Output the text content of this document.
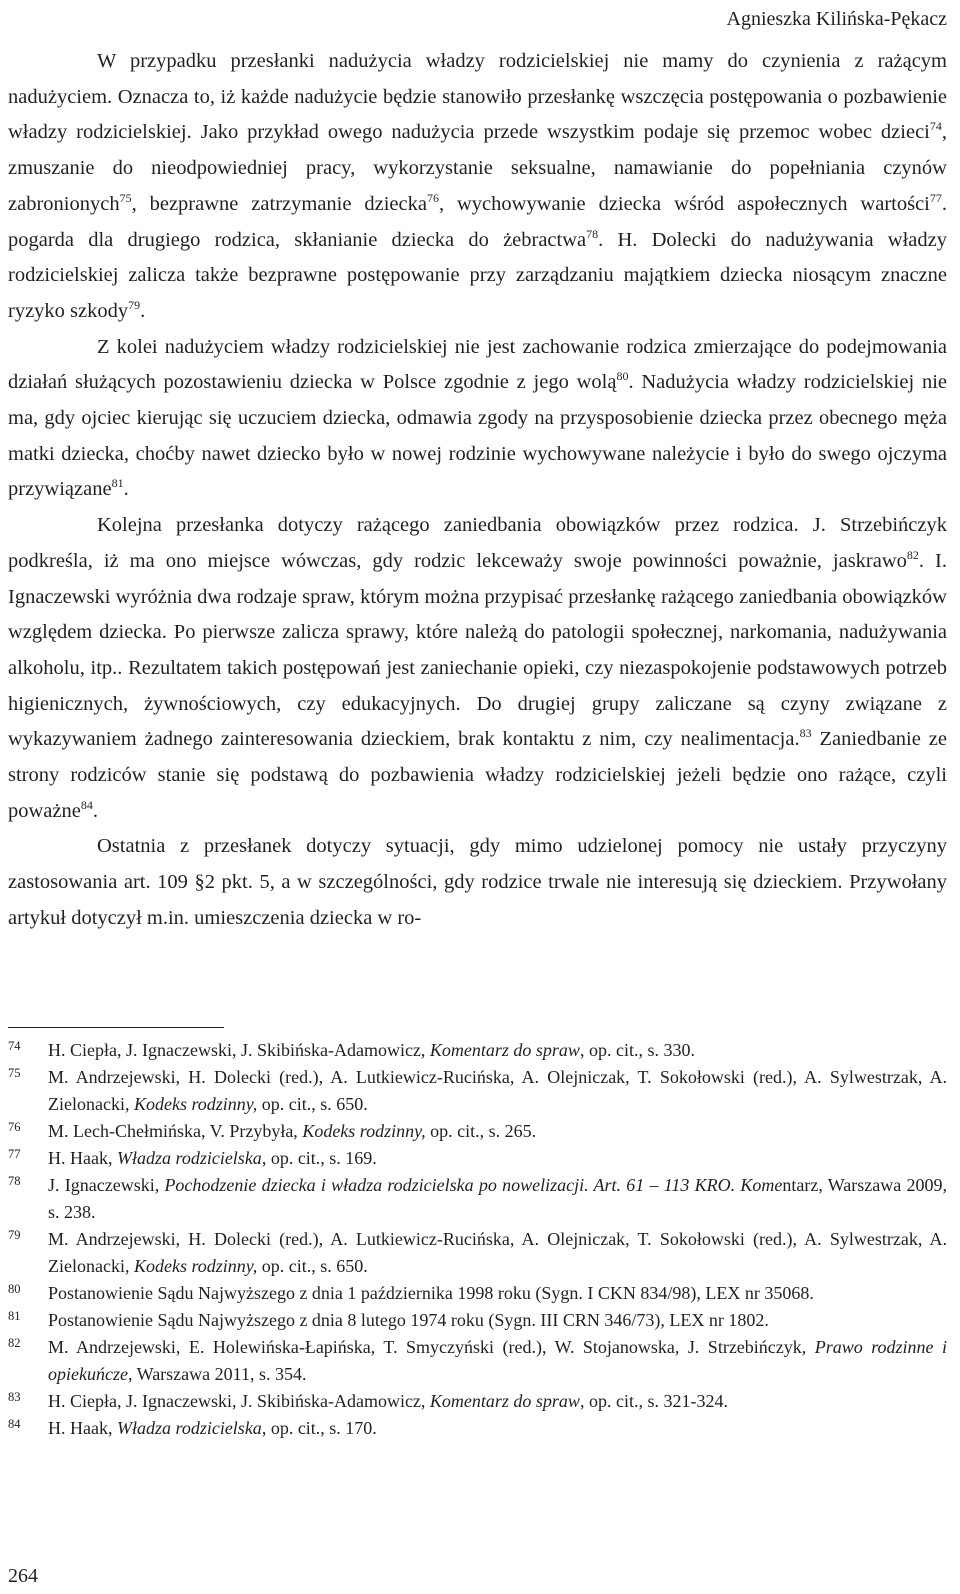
Agnieszka Kilińska-Pękacz

W przypadku przesłanki nadużycia władzy rodzicielskiej nie mamy do czynienia z rażącym nadużyciem. Oznacza to, iż każde nadużycie będzie stanowiło przesłankę wszczęcia postępowania o pozbawienie władzy rodzicielskiej. Jako przykład owego nadużycia przede wszystkim podaje się przemoc wobec dzieci$^{74}$, zmuszanie do nieodpowiedniej pracy, wykorzystanie seksualne, namawianie do popełniania czynów zabronionych$^{75}$, bezprawne zatrzymanie dziecka$^{76}$, wychowywanie dziecka wśród aspołecznych wartości$^{77}$. pogarda dla drugiego rodzica, skłanianie dziecka do żebractwa$^{78}$. H. Dolecki do nadużywania władzy rodzicielskiej zalicza także bezprawne postępowanie przy zarządzaniu majątkiem dziecka niosącym znaczne ryzyko szkody$^{79}$.

Z kolei nadużyciem władzy rodzicielskiej nie jest zachowanie rodzica zmierzające do podejmowania działań służących pozostawieniu dziecka w Polsce zgodnie z jego wolą$^{80}$. Nadużycia władzy rodzicielskiej nie ma, gdy ojciec kierując się uczuciem dziecka, odmawia zgody na przysposobienie dziecka przez obecnego męża matki dziecka, choćby nawet dziecko było w nowej rodzinie wychowywane należycie i było do swego ojczyma przywiązane$^{81}$.

Kolejna przesłanka dotyczy rażącego zaniedbania obowiązków przez rodzica. J. Strzebińczyk podkreśla, iż ma ono miejsce wówczas, gdy rodzic lekceważy swoje powinności poważnie, jaskrawo$^{82}$. I. Ignaczewski wyróżnia dwa rodzaje spraw, którym można przypisać przesłankę rażącego zaniedbania obowiązków względem dziecka. Po pierwsze zalicza sprawy, które należą do patologii społecznej, narkomania, nadużywania alkoholu, itp.. Rezultatem takich postępowań jest zaniechanie opieki, czy niezaspokojenie podstawowych potrzeb higienicznych, żywnościowych, czy edukacyjnych. Do drugiej grupy zaliczane są czyny związane z wykazywaniem żadnego zainteresowania dzieckiem, brak kontaktu z nim, czy nealimentacja.$^{83}$ Zaniedbanie ze strony rodziców stanie się podstawą do pozbawienia władzy rodzicielskiej jeżeli będzie ono rażące, czyli poważne$^{84}$.

Ostatnia z przesłanek dotyczy sytuacji, gdy mimo udzielonej pomocy nie ustały przyczyny zastosowania art. 109 §2 pkt. 5, a w szczególności, gdy rodzice trwale nie interesują się dzieckiem. Przywołany artykuł dotyczył m.in. umieszczenia dziecka w ro-

74 H. Ciepła, J. Ignaczewski, J. Skibińska-Adamowicz, Komentarz do spraw, op. cit., s. 330.
75 M. Andrzejewski, H. Dolecki (red.), A. Lutkiewicz-Rucińska, A. Olejniczak, T. Sokołowski (red.), A. Sylwestrzak, A. Zielonacki, Kodeks rodzinny, op. cit., s. 650.
76 M. Lech-Chełmińska, V. Przybyła, Kodeks rodzinny, op. cit., s. 265.
77 H. Haak, Władza rodzicielska, op. cit., s. 169.
78 J. Ignaczewski, Pochodzenie dziecka i władza rodzicielska po nowelizacji. Art. 61 – 113 KRO. Komentarz, Warszawa 2009, s. 238.
79 M. Andrzejewski, H. Dolecki (red.), A. Lutkiewicz-Rucińska, A. Olejniczak, T. Sokołowski (red.), A. Sylwestrzak, A. Zielonacki, Kodeks rodzinny, op. cit., s. 650.
80 Postanowienie Sądu Najwyższego z dnia 1 października 1998 roku (Sygn. I CKN 834/98), LEX nr 35068.
81 Postanowienie Sądu Najwyższego z dnia 8 lutego 1974 roku (Sygn. III CRN 346/73), LEX nr 1802.
82 M. Andrzejewski, E. Holewińska-Łapińska, T. Smyczyński (red.), W. Stojanowska, J. Strzebińczyk, Prawo rodzinne i opiekuńcze, Warszawa 2011, s. 354.
83 H. Ciepła, J. Ignaczewski, J. Skibińska-Adamowicz, Komentarz do spraw, op. cit., s. 321-324.
84 H. Haak, Władza rodzicielska, op. cit., s. 170.
264
